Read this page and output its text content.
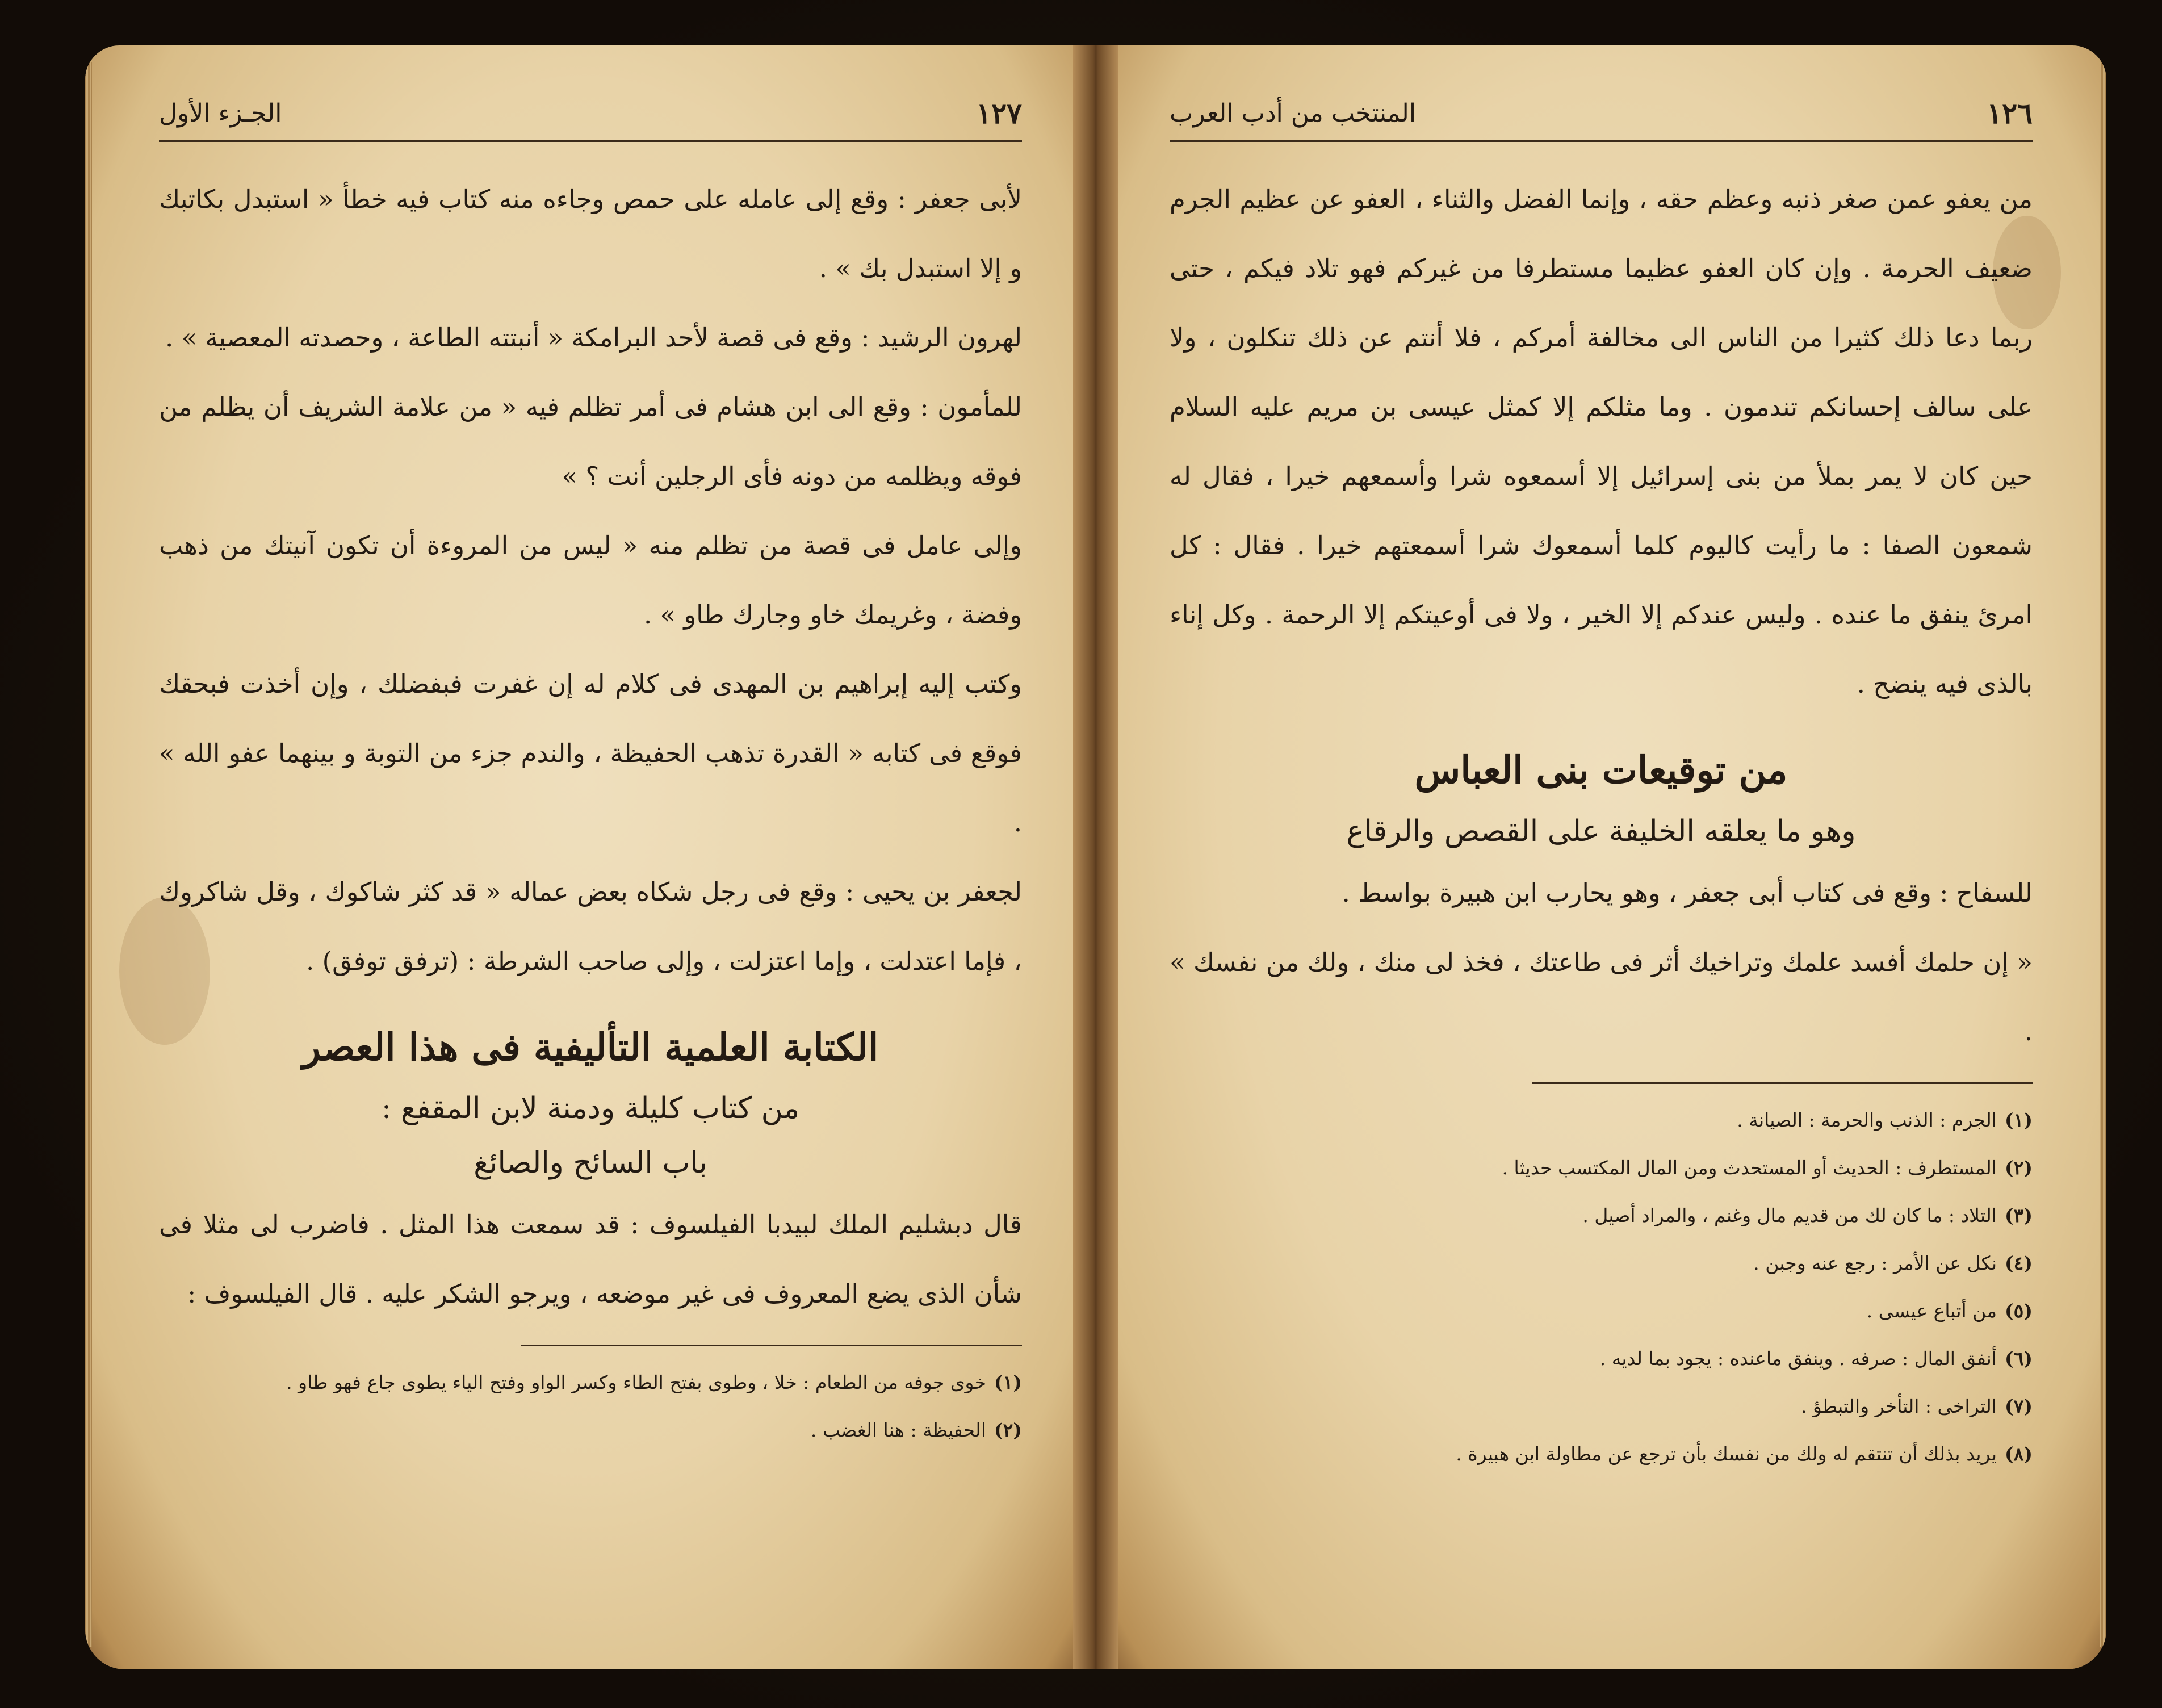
١٢٧
الجـزء الأول

لأبى جعفر : وقع إلى عامله على حمص وجاءه منه كتاب فيه خطأ « استبدل بكاتبك و إلا استبدل بك » .

لهرون الرشيد : وقع فى قصة لأحد البرامكة « أنبتته الطاعة ، وحصدته المعصية » .

للمأمون : وقع الى ابن هشام فى أمر تظلم فيه « من علامة الشريف أن يظلم من فوقه ويظلمه من دونه فأى الرجلين أنت ؟ »

وإلى عامل فى قصة من تظلم منه « ليس من المروءة أن تكون آنيتك من ذهب وفضة ، وغريمك خاو وجارك طاو » .

وكتب إليه إبراهيم بن المهدى فى كلام له إن غفرت فبفضلك ، وإن أخذت فبحقك فوقع فى كتابه « القدرة تذهب الحفيظة ، والندم جزء من التوبة و بينهما عفو الله » .

لجعفر بن يحيى : وقع فى رجل شكاه بعض عماله « قد كثر شاكوك ، وقل شاكروك ، فإما اعتدلت ، وإما اعتزلت ، وإلى صاحب الشرطة : (ترفق توفق) .

الكتابة العلمية التأليفية فى هذا العصر

من كتاب كليلة ودمنة لابن المقفع :

باب السائح والصائغ

قال دبشليم الملك لبيدبا الفيلسوف : قد سمعت هذا المثل . فاضرب لى مثلا فى شأن الذى يضع المعروف فى غير موضعه ، ويرجو الشكر عليه . قال الفيلسوف :

(١)خوى جوفه من الطعام : خلا ، وطوى بفتح الطاء وكسر الواو وفتح الياء يطوى جاع فهو طاو .
(٢)الحفيظة : هنا الغضب .
١٢٦
المنتخب من أدب العرب

من يعفو عمن صغر ذنبه وعظم حقه ، وإنما الفضل والثناء ، العفو عن عظيم الجرم ضعيف الحرمة . وإن كان العفو عظيما مستطرفا من غيركم فهو تلاد فيكم ، حتى ربما دعا ذلك كثيرا من الناس الى مخالفة أمركم ، فلا أنتم عن ذلك تنكلون ، ولا على سالف إحسانكم تندمون . وما مثلكم إلا كمثل عيسى بن مريم عليه السلام حين كان لا يمر بملأ من بنى إسرائيل إلا أسمعوه شرا وأسمعهم خيرا ، فقال له شمعون الصفا : ما رأيت كاليوم كلما أسمعوك شرا أسمعتهم خيرا . فقال : كل امرئ ينفق ما عنده . وليس عندكم إلا الخير ، ولا فى أوعيتكم إلا الرحمة . وكل إناء بالذى فيه ينضح .

من توقيعات بنى العباس

وهو ما يعلقه الخليفة على القصص والرقاع

للسفاح : وقع فى كتاب أبى جعفر ، وهو يحارب ابن هبيرة بواسط .

« إن حلمك أفسد علمك وتراخيك أثر فى طاعتك ، فخذ لى منك ، ولك من نفسك » .

(١)الجرم : الذنب والحرمة : الصيانة .
(٢)المستطرف : الحديث أو المستحدث ومن المال المكتسب حديثا .
(٣)التلاد : ما كان لك من قديم مال وغنم ، والمراد أصيل .
(٤)نكل عن الأمر : رجع عنه وجبن .
(٥)من أتباع عيسى .
(٦)أنفق المال : صرفه . وينفق ماعنده : يجود بما لديه .
(٧)التراخى : التأخر والتبطؤ .
(٨)يريد بذلك أن تنتقم له ولك من نفسك بأن ترجع عن مطاولة ابن هبيرة .
